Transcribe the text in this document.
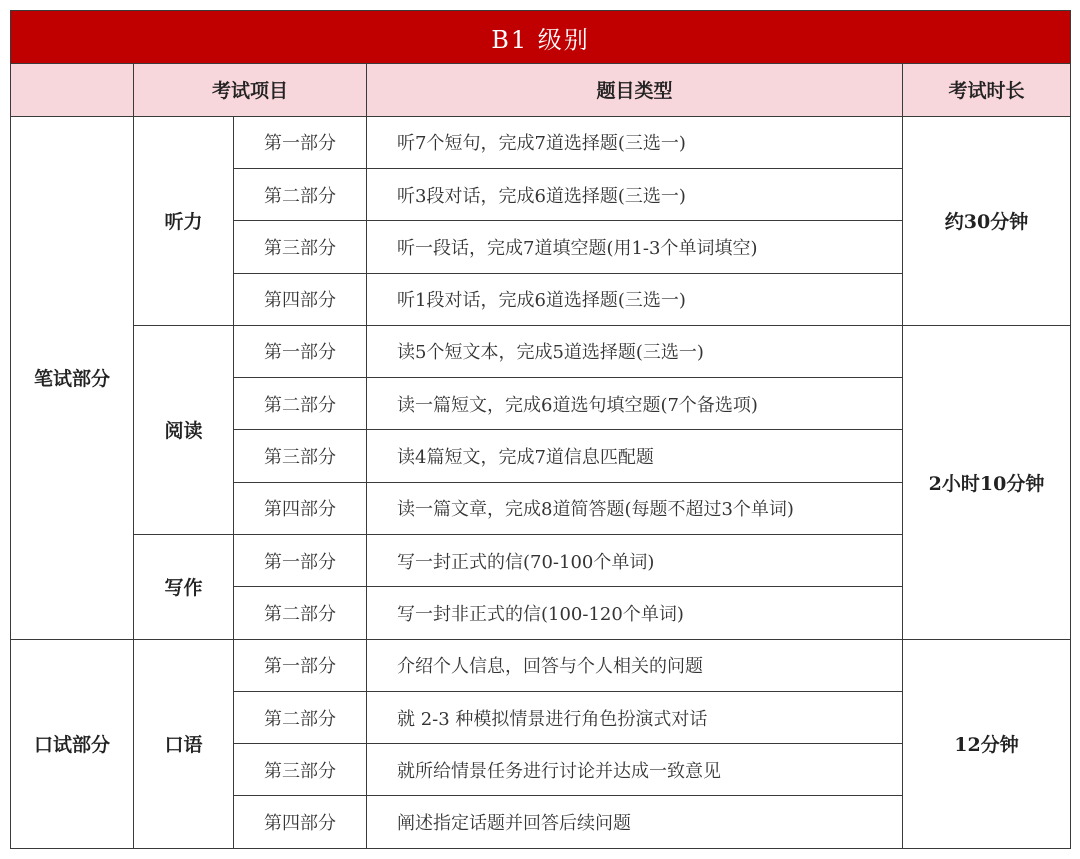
B1 级别				
	考试项目		题目类型	考试时长
笔试部分	听力	第一部分	听7个短句，完成7道选择题(三选一)	约30分钟
		第二部分	听3段对话，完成6道选择题(三选一)	
		第三部分	听一段话，完成7道填空题(用1-3个单词填空)	
		第四部分	听1段对话，完成6道选择题(三选一)	
	阅读	第一部分	读5个短文本，完成5道选择题(三选一)	2小时10分钟
		第二部分	读一篇短文，完成6道选句填空题(7个备选项)	
		第三部分	读4篇短文，完成7道信息匹配题	
		第四部分	读一篇文章，完成8道简答题(每题不超过3个单词)	
	写作	第一部分	写一封正式的信(70-100个单词)	
		第二部分	写一封非正式的信(100-120个单词)	
口试部分	口语	第一部分	介绍个人信息，回答与个人相关的问题	12分钟
		第二部分	就 2-3 种模拟情景进行角色扮演式对话	
		第三部分	就所给情景任务进行讨论并达成一致意见	
		第四部分	阐述指定话题并回答后续问题	
